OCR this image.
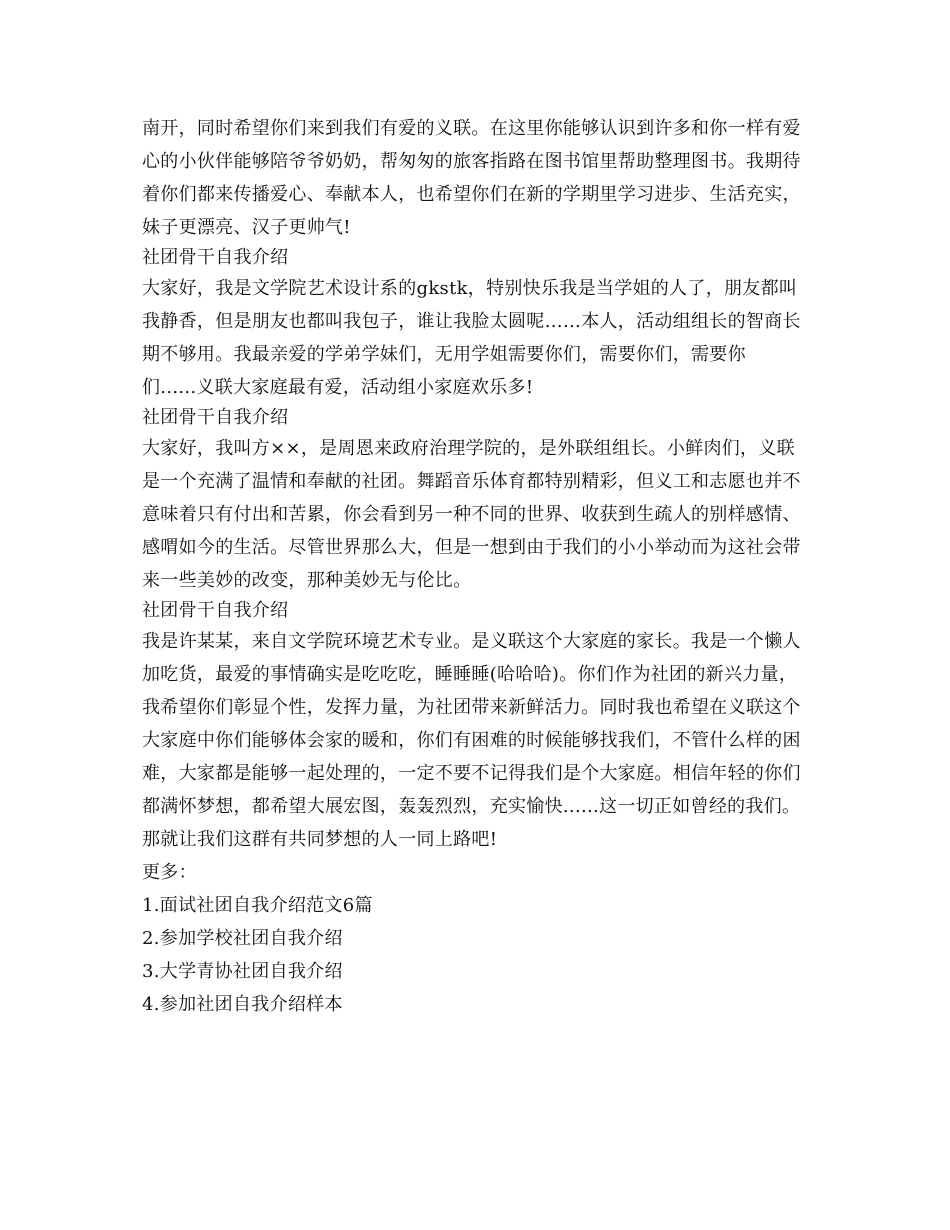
南开，同时希望你们来到我们有爱的义联。在这里你能够认识到许多和你一样有爱
心的小伙伴能够陪爷爷奶奶，帮匆匆的旅客指路在图书馆里帮助整理图书。我期待
着你们都来传播爱心、奉献本人，也希望你们在新的学期里学习进步、生活充实，
妹子更漂亮、汉子更帅气!
社团骨干自我介绍
大家好，我是文学院艺术设计系的gkstk，特别快乐我是当学姐的人了，朋友都叫
我静香，但是朋友也都叫我包子，谁让我脸太圆呢……本人，活动组组长的智商长
期不够用。我最亲爱的学弟学妹们，无用学姐需要你们，需要你们，需要你
们......义联大家庭最有爱，活动组小家庭欢乐多!
社团骨干自我介绍
大家好，我叫方××，是周恩来政府治理学院的，是外联组组长。小鲜肉们，义联
是一个充满了温情和奉献的社团。舞蹈音乐体育都特别精彩，但义工和志愿也并不
意味着只有付出和苦累，你会看到另一种不同的世界、收获到生疏人的别样感情、
感喟如今的生活。尽管世界那么大，但是一想到由于我们的小小举动而为这社会带
来一些美妙的改变，那种美妙无与伦比。
社团骨干自我介绍
我是许某某，来自文学院环境艺术专业。是义联这个大家庭的家长。我是一个懒人
加吃货，最爱的事情确实是吃吃吃，睡睡睡(哈哈哈)。你们作为社团的新兴力量，
我希望你们彰显个性，发挥力量，为社团带来新鲜活力。同时我也希望在义联这个
大家庭中你们能够体会家的暖和，你们有困难的时候能够找我们，不管什么样的困
难，大家都是能够一起处理的，一定不要不记得我们是个大家庭。相信年轻的你们
都满怀梦想，都希望大展宏图，轰轰烈烈，充实愉快......这一切正如曾经的我们。
那就让我们这群有共同梦想的人一同上路吧!
更多：
1.面试社团自我介绍范文6篇
2.参加学校社团自我介绍
3.大学青协社团自我介绍
4.参加社团自我介绍样本
